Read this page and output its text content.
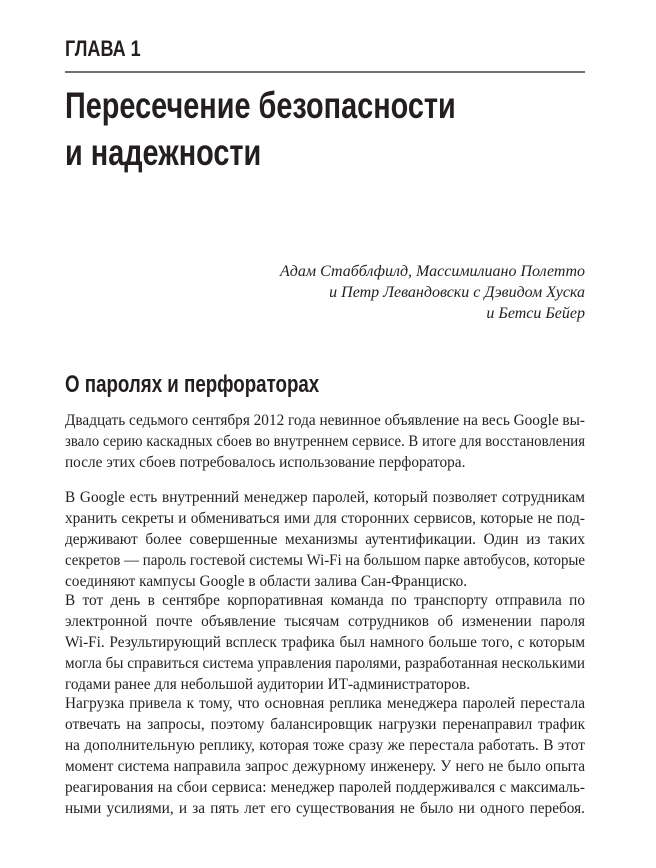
ГЛАВА 1
Пересечение безопасности
и надежности
Адам Стабблфилд, Массимилиано Полетто
и Петр Левандовски с Дэвидом Хуска
и Бетси Бейер
О паролях и перфораторах
Двадцать седьмого сентября 2012 года невинное объявление на весь Google вы-
звало серию каскадных сбоев во внутреннем сервисе. В итоге для восстановления
после этих сбоев потребовалось использование перфоратора.
В Google есть внутренний менеджер паролей, который позволяет сотрудникам
хранить секреты и обмениваться ими для сторонних сервисов, которые не под-
держивают более совершенные механизмы аутентификации. Один из таких
секретов — пароль гостевой системы Wi-Fi на большом парке автобусов, которые
соединяют кампусы Google в области залива Сан-Франциско.
В тот день в сентябре корпоративная команда по транспорту отправила по
электронной почте объявление тысячам сотрудников об изменении пароля
Wi-Fi. Результирующий всплеск трафика был намного больше того, с которым
могла бы справиться система управления паролями, разработанная несколькими
годами ранее для небольшой аудитории ИТ-администраторов.
Нагрузка привела к тому, что основная реплика менеджера паролей перестала
отвечать на запросы, поэтому балансировщик нагрузки перенаправил трафик
на дополнительную реплику, которая тоже сразу же перестала работать. В этот
момент система направила запрос дежурному инженеру. У него не было опыта
реагирования на сбои сервиса: менеджер паролей поддерживался с максималь-
ными усилиями, и за пять лет его существования не было ни одного перебоя.
